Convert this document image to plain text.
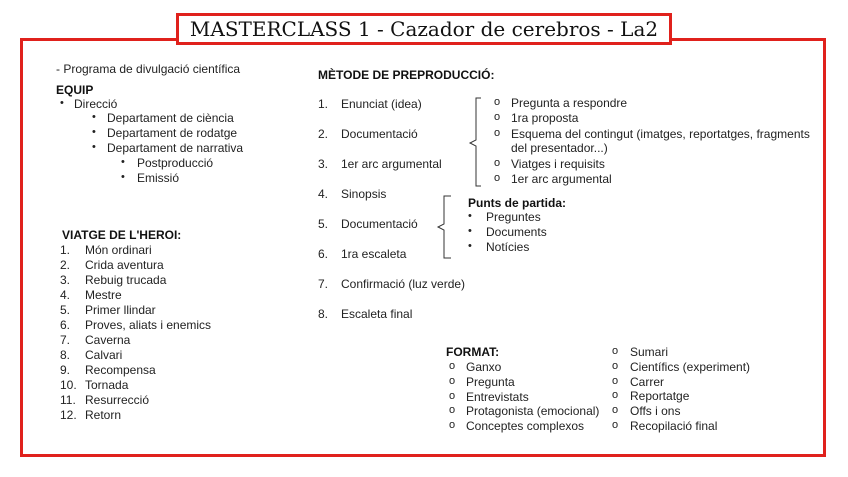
MASTERCLASS 1 - Cazador de cerebros - La2
- Programa de divulgació científica
EQUIP
• Direcció
• Departament de ciència
• Departament de rodatge
• Departament de narrativa
• Postproducció
• Emissió
VIATGE DE L'HEROI:
1. Món ordinari
2. Crida aventura
3. Rebuig trucada
4. Mestre
5. Primer llindar
6. Proves, aliats i enemics
7. Caverna
8. Calvari
9. Recompensa
10. Tornada
11. Resurrecció
12. Retorn
MÈTODE DE PREPRODUCCIÓ:
1. Enunciat (idea)
2. Documentació
3. 1er arc argumental
4. Sinopsis
5. Documentació
6. 1ra escaleta
7. Confirmació (luz verde)
8. Escaleta final
o Pregunta a respondre
o 1ra proposta
o Esquema del contingut (imatges, reportatges, fragments
del presentador...)
o Viatges i requisits
o 1er arc argumental
Punts de partida:
• Preguntes
• Documents
• Notícies
FORMAT:
o Ganxo
o Pregunta
o Entrevistats
o Protagonista (emocional)
o Conceptes complexos
o Sumari
o Científics (experiment)
o Carrer
o Reportatge
o Offs i ons
o Recopilació final
